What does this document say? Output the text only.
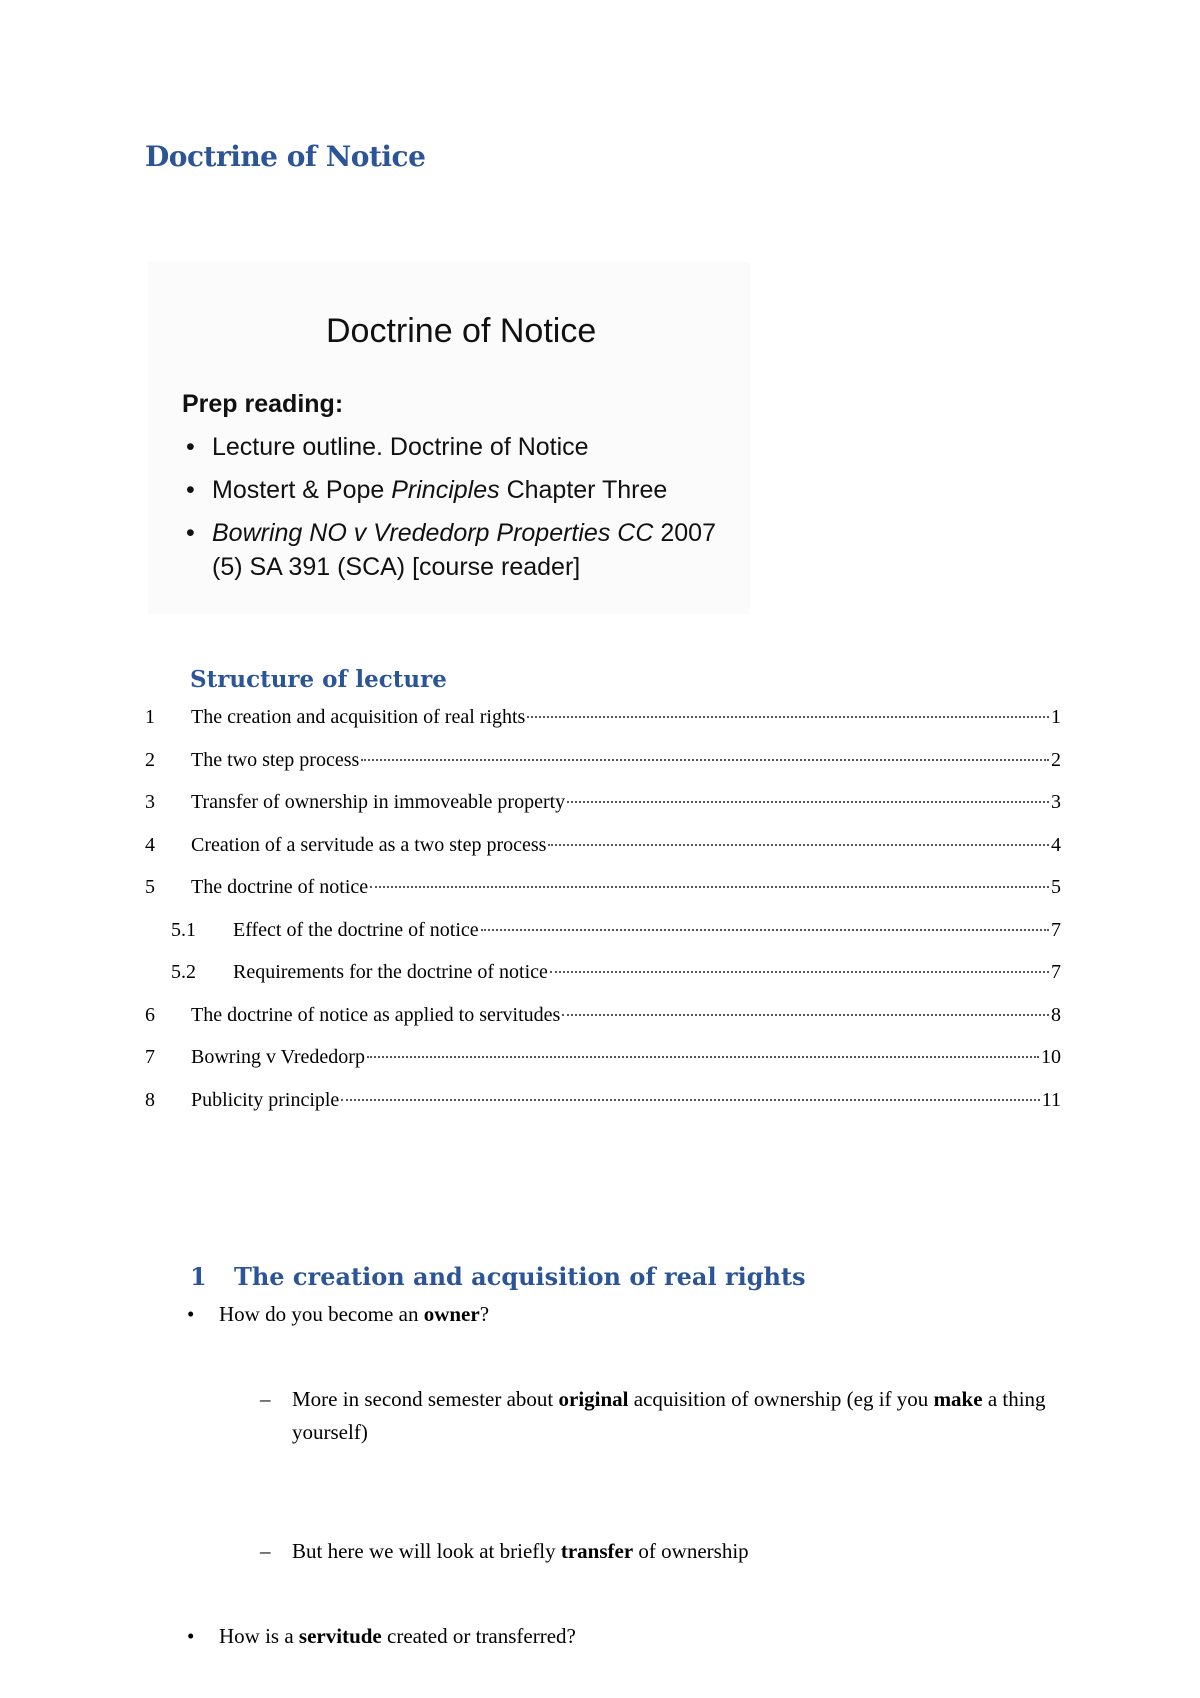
Doctrine of Notice
Doctrine of Notice
Prep reading:
• Lecture outline. Doctrine of Notice
• Mostert & Pope Principles Chapter Three
• Bowring NO v Vrededorp Properties CC 2007
(5) SA 391 (SCA) [course reader]
Structure of lecture
1	The creation and acquisition of real rights	1
2	The two step process	2
3	Transfer of ownership in immoveable property	3
4	Creation of a servitude as a two step process	4
5	The doctrine of notice	5
5.1	Effect of the doctrine of notice	7
5.2	Requirements for the doctrine of notice	7
6	The doctrine of notice as applied to servitudes	8
7	Bowring v Vrededorp	10
8	Publicity principle	11
1 The creation and acquisition of real rights
• How do you become an owner?
– More in second semester about original acquisition of ownership (eg if you make a thing yourself)
– But here we will look at briefly transfer of ownership
• How is a servitude created or transferred?
